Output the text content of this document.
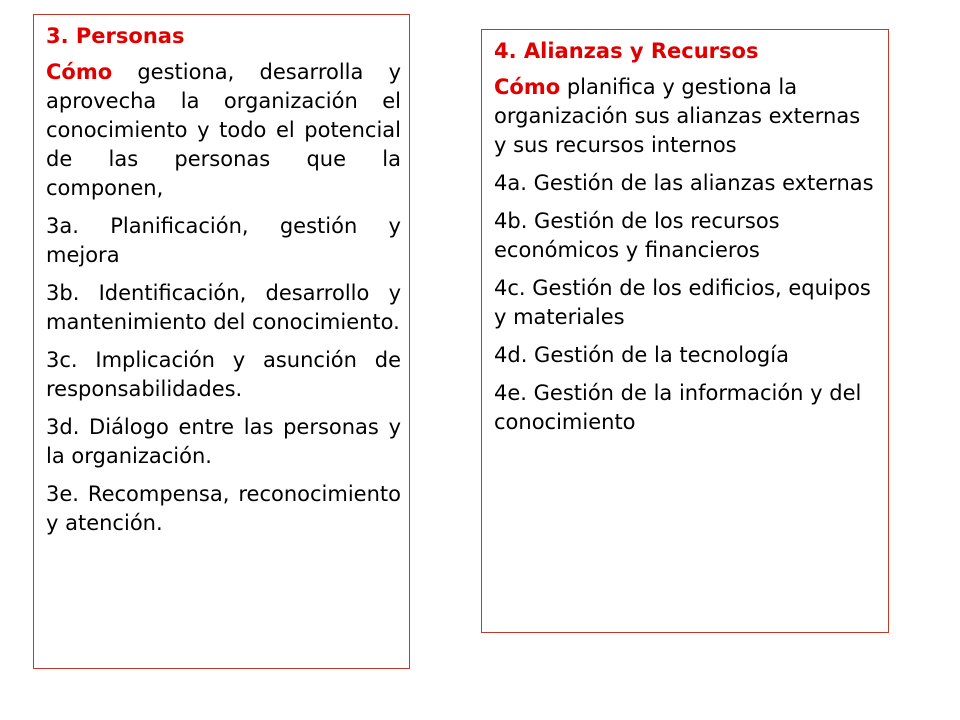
3. Personas

Cómo gestiona, desarrolla y aprovecha la organización el conocimiento y todo el potencial de las personas que la componen,

3a. Planificación, gestión y mejora

3b. Identificación, desarrollo y mantenimiento del conocimiento.

3c. Implicación y asunción de responsabilidades.

3d. Diálogo entre las personas y la organización.

3e. Recompensa, reconocimiento y atención.

4. Alianzas y Recursos

Cómo planifica y gestiona la organización sus alianzas externas y sus recursos internos

4a. Gestión de las alianzas externas

4b. Gestión de los recursos económicos y financieros

4c. Gestión de los edificios, equipos y materiales

4d. Gestión de la tecnología

4e. Gestión de la información y del conocimiento
